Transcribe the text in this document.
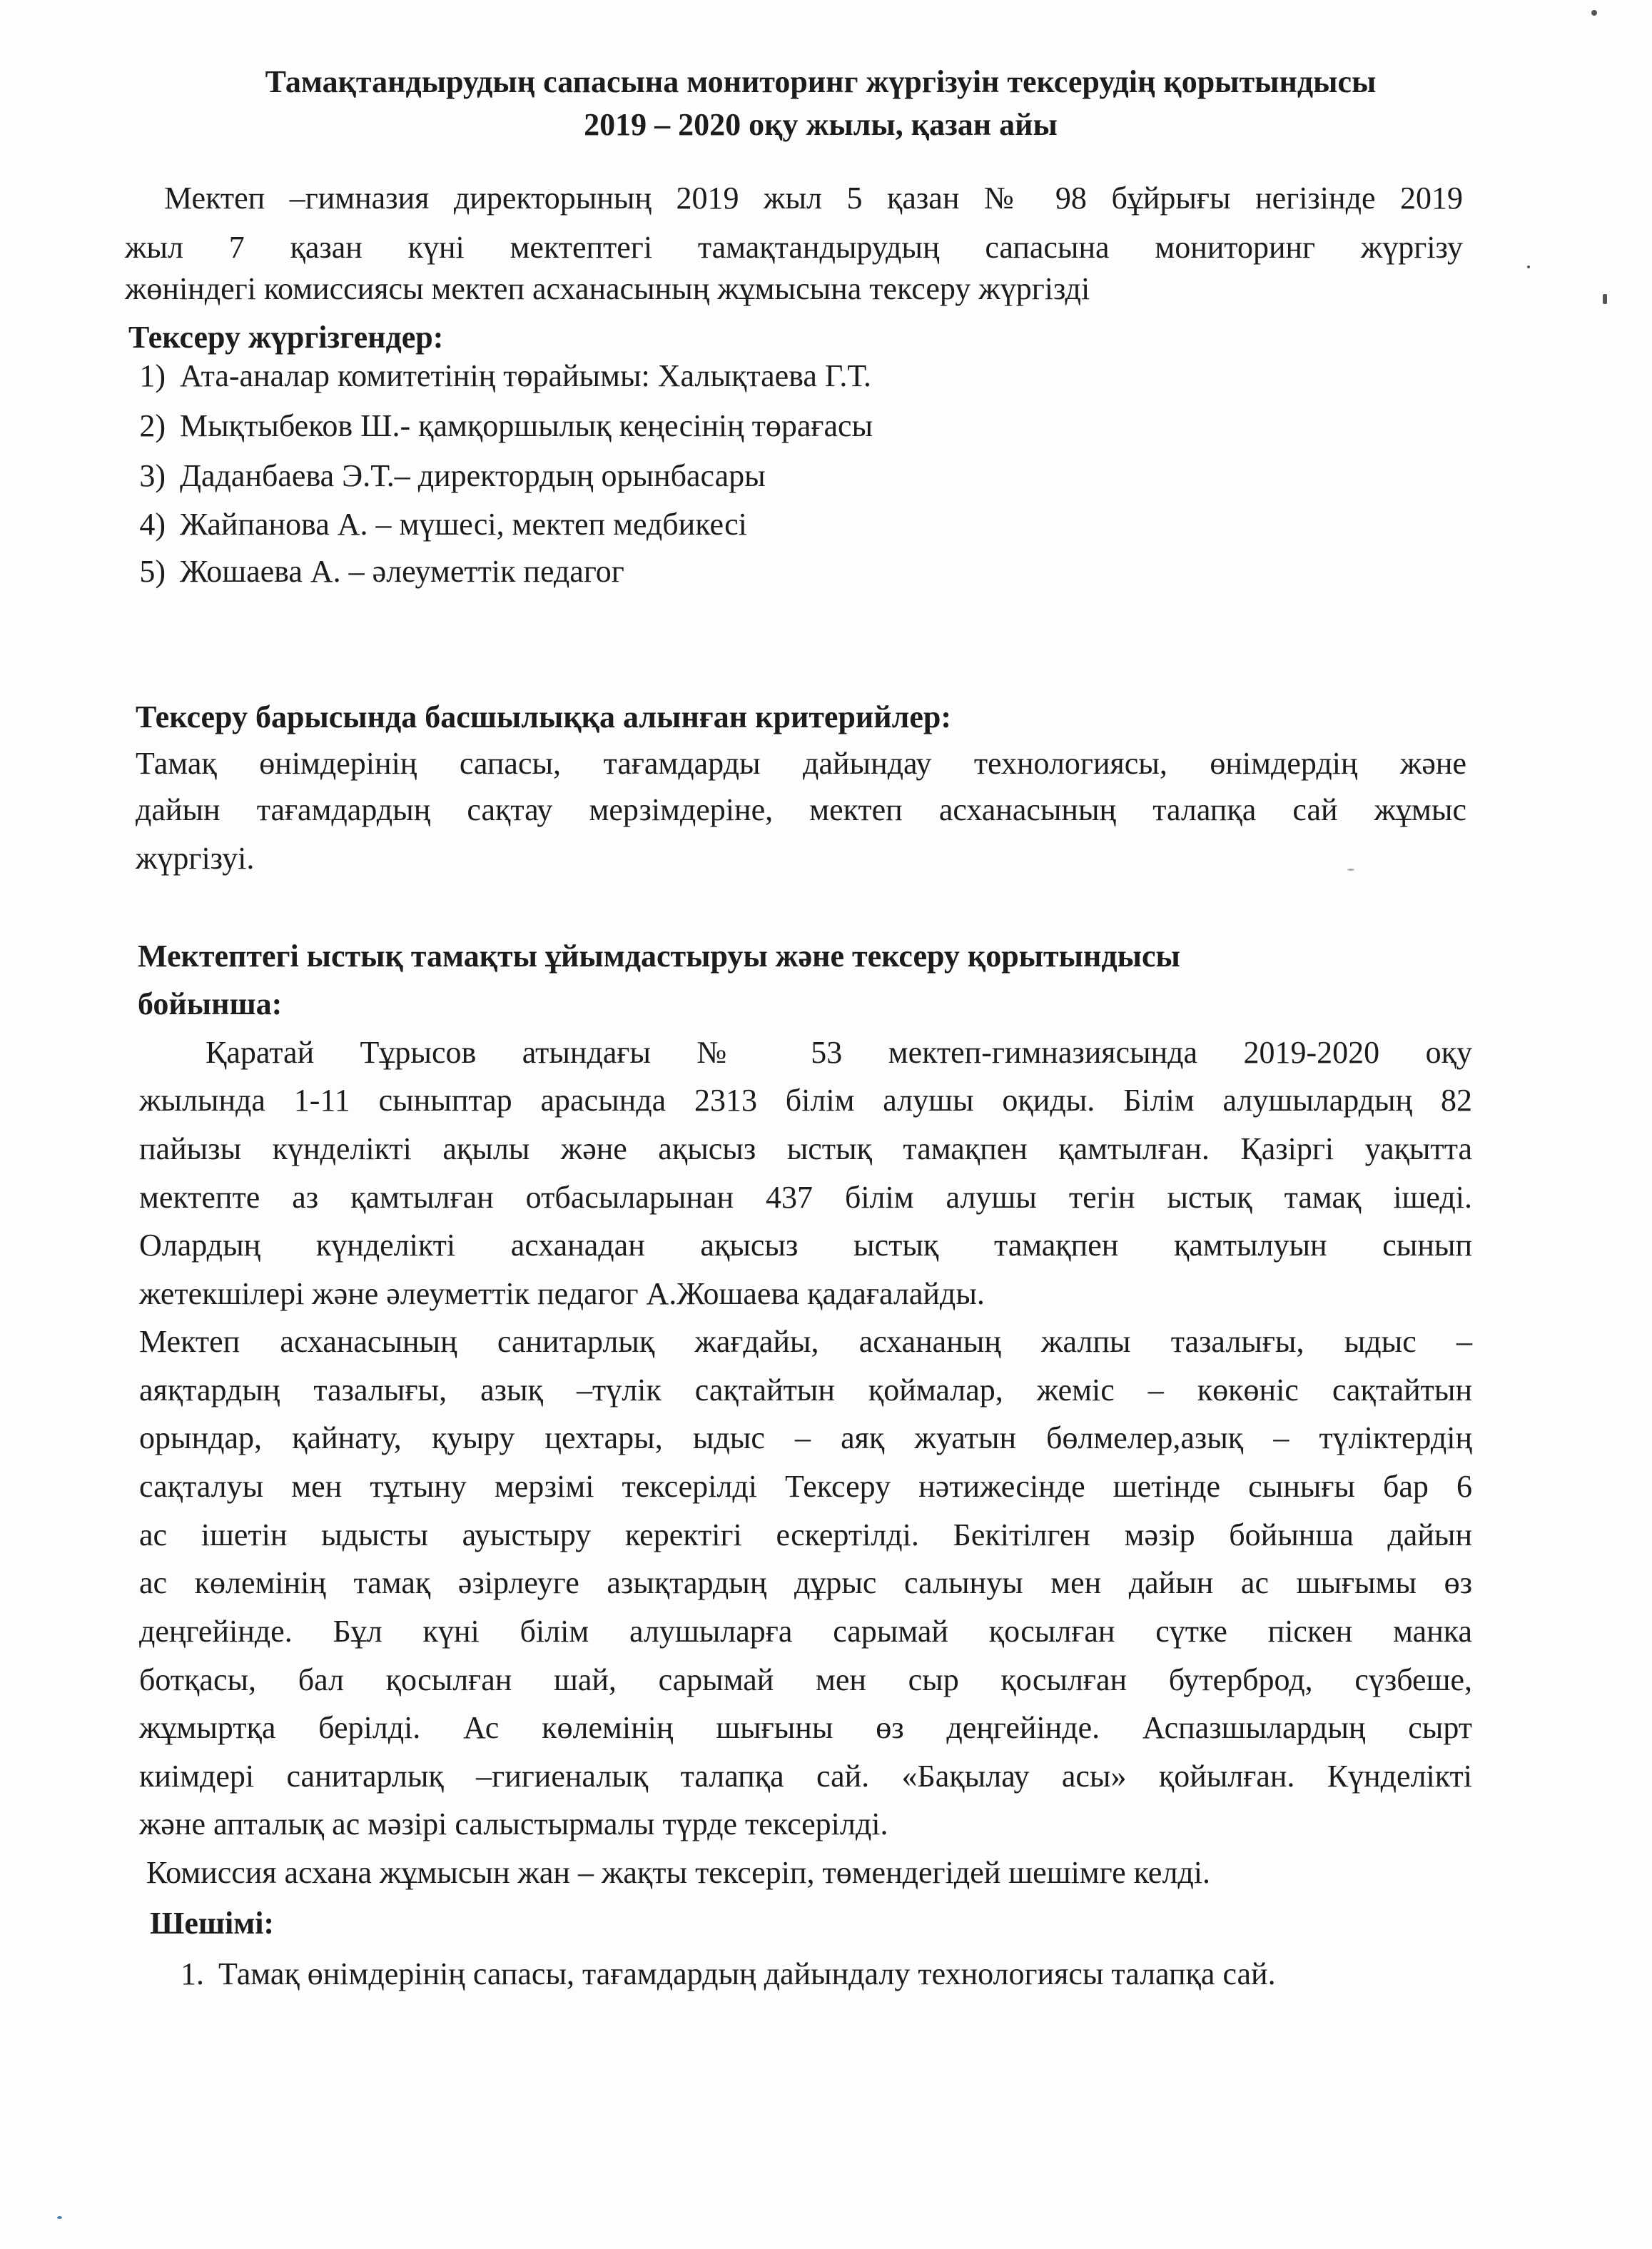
Тамақтандырудың сапасына мониторинг жүргізуін тексерудің қорытындысы
2019 – 2020 оқу жылы, қазан айы
Мектеп –гимназия директорының 2019 жыл 5 қазан № 98 бұйрығы негізінде 2019
жыл 7 қазан күні мектептегі тамақтандырудың сапасына мониторинг жүргізу
жөніндегі комиссиясы мектеп асханасының жұмысына тексеру жүргізді
Тексеру жүргізгендер:
1) Ата-аналар комитетінің төрайымы: Халықтаева Г.Т.
2) Мықтыбеков Ш.- қамқоршылық кеңесінің төрағасы
3) Даданбаева Э.Т.– директордың орынбасары
4) Жайпанова А. – мүшесі, мектеп медбикесі
5) Жошаева А. – әлеуметтік педагог
Тексеру барысында басшылыққа алынған критерийлер:
Тамақ өнімдерінің сапасы, тағамдарды дайындау технологиясы, өнімдердің және
дайын тағамдардың сақтау мерзімдеріне, мектеп асханасының талапқа сай жұмыс
жүргізуі.
Мектептегі ыстық тамақты ұйымдастыруы және тексеру қорытындысы
бойынша:
Қаратай Тұрысов атындағы № 53 мектеп-гимназиясында 2019-2020 оқу
жылында 1-11 сыныптар арасында 2313 білім алушы оқиды. Білім алушылардың 82
пайызы күнделікті ақылы және ақысыз ыстық тамақпен қамтылған. Қазіргі уақытта
мектепте аз қамтылған отбасыларынан 437 білім алушы тегін ыстық тамақ ішеді.
Олардың күнделікті асханадан ақысыз ыстық тамақпен қамтылуын сынып
жетекшілері және әлеуметтік педагог А.Жошаева қадағалайды.
Мектеп асханасының санитарлық жағдайы, асхананың жалпы тазалығы, ыдыс –
аяқтардың тазалығы, азық –түлік сақтайтын қоймалар, жеміс – көкөніс сақтайтын
орындар, қайнату, қуыру цехтары, ыдыс – аяқ жуатын бөлмелер,азық – түліктердің
сақталуы мен тұтыну мерзімі тексерілді Тексеру нәтижесінде шетінде сынығы бар 6
ас ішетін ыдысты ауыстыру керектігі ескертілді. Бекітілген мәзір бойынша дайын
ас көлемінің тамақ әзірлеуге азықтардың дұрыс салынуы мен дайын ас шығымы өз
деңгейінде. Бұл күні білім алушыларға сарымай қосылған сүтке піскен манка
ботқасы, бал қосылған шай, сарымай мен сыр қосылған бутерброд, сүзбеше,
жұмыртқа берілді. Ас көлемінің шығыны өз деңгейінде. Аспазшылардың сырт
киімдері санитарлық –гигиеналық талапқа сай. «Бақылау асы» қойылған. Күнделікті
және апталық ас мәзірі салыстырмалы түрде тексерілді.
Комиссия асхана жұмысын жан – жақты тексеріп, төмендегідей шешімге келді.
Шешімі:
1. Тамақ өнімдерінің сапасы, тағамдардың дайындалу технологиясы талапқа сай.
